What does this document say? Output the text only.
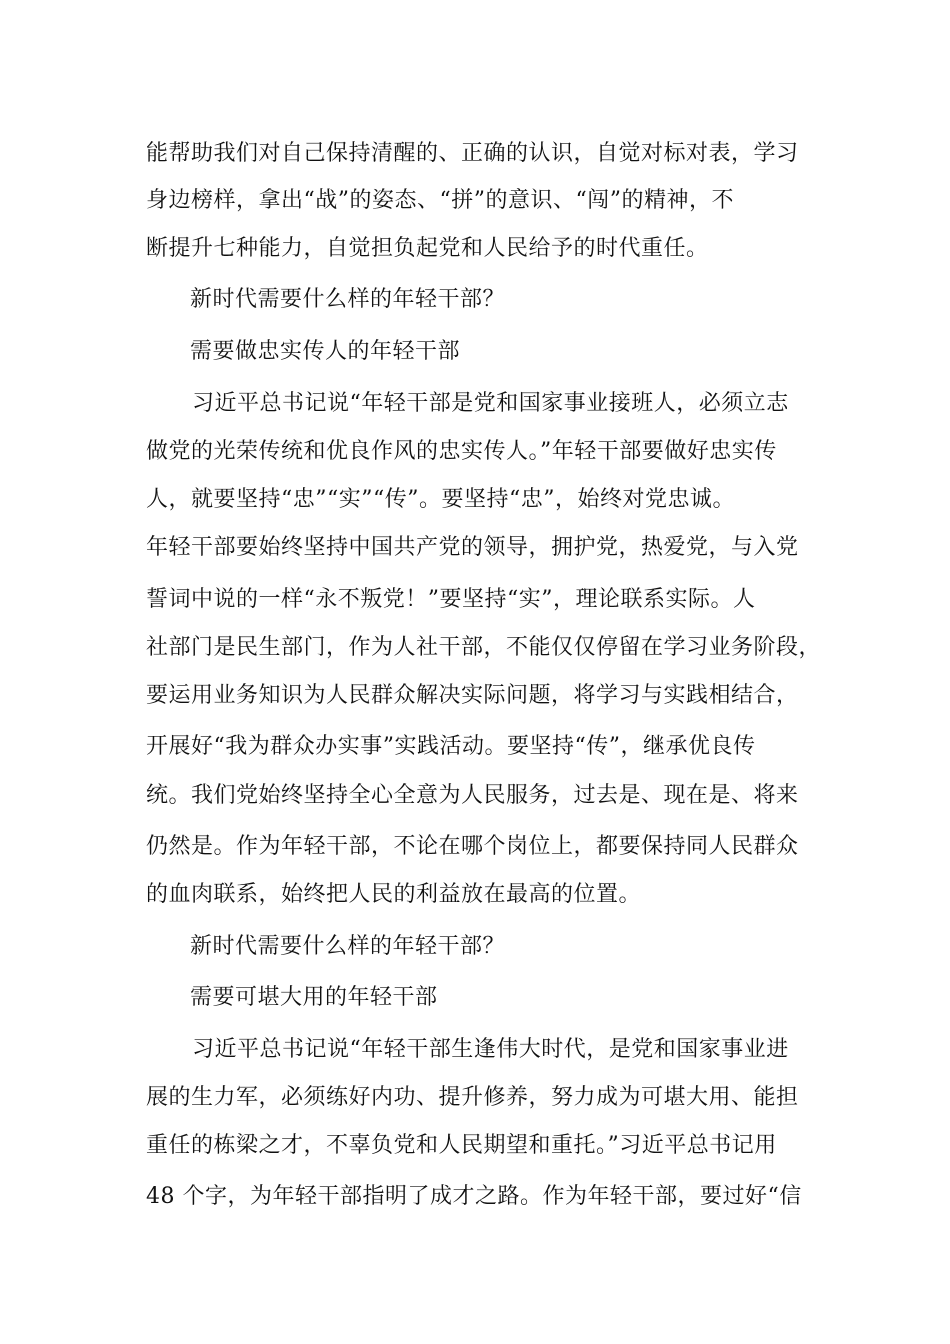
能帮助我们对自己保持清醒的、正确的认识，自觉对标对表，学习
身边榜样，拿出“战”的姿态、“拼”的意识、“闯”的精神，不
断提升七种能力，自觉担负起党和人民给予的时代重任。
新时代需要什么样的年轻干部？
需要做忠实传人的年轻干部
习近平总书记说“年轻干部是党和国家事业接班人，必须立志
做党的光荣传统和优良作风的忠实传人。”年轻干部要做好忠实传
人，就要坚持“忠”“实”“传”。要坚持“忠”，始终对党忠诚。
年轻干部要始终坚持中国共产党的领导，拥护党，热爱党，与入党
誓词中说的一样“永不叛党！”要坚持“实”，理论联系实际。人
社部门是民生部门，作为人社干部，不能仅仅停留在学习业务阶段，
要运用业务知识为人民群众解决实际问题，将学习与实践相结合，
开展好“我为群众办实事”实践活动。要坚持“传”，继承优良传
统。我们党始终坚持全心全意为人民服务，过去是、现在是、将来
仍然是。作为年轻干部，不论在哪个岗位上，都要保持同人民群众
的血肉联系，始终把人民的利益放在最高的位置。
新时代需要什么样的年轻干部？
需要可堪大用的年轻干部
习近平总书记说“年轻干部生逢伟大时代，是党和国家事业进
展的生力军，必须练好内功、提升修养，努力成为可堪大用、能担
重任的栋梁之才，不辜负党和人民期望和重托。”习近平总书记用
48 个字，为年轻干部指明了成才之路。作为年轻干部，要过好“信
